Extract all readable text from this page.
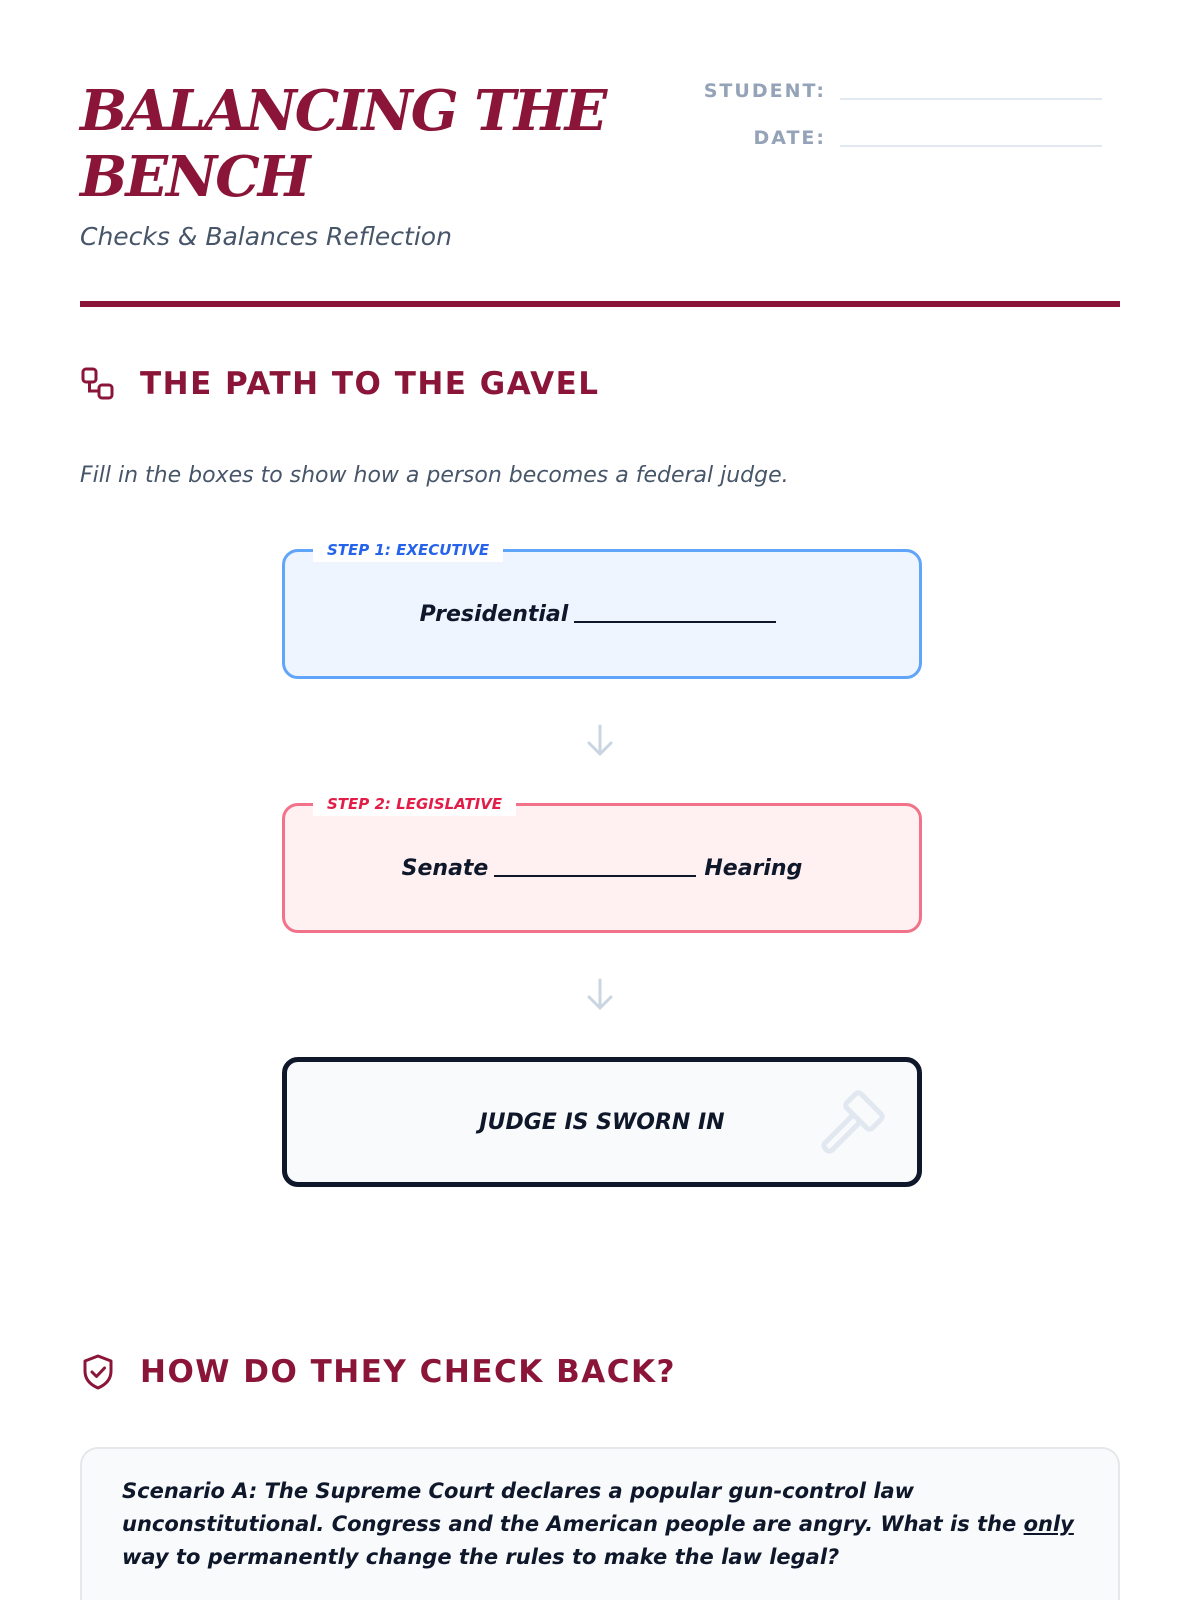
BALANCING THE BENCH
Checks & Balances Reflection
STUDENT:
DATE:
THE PATH TO THE GAVEL
Fill in the boxes to show how a person becomes a federal judge.
STEP 1: EXECUTIVE
Presidential
STEP 2: LEGISLATIVE
Senate	Hearing
JUDGE IS SWORN IN
HOW DO THEY CHECK BACK?

Scenario A: The Supreme Court declares a popular gun-control law unconstitutional. Congress and the American people are angry. What is the only way to permanently change the rules to make the law legal?
